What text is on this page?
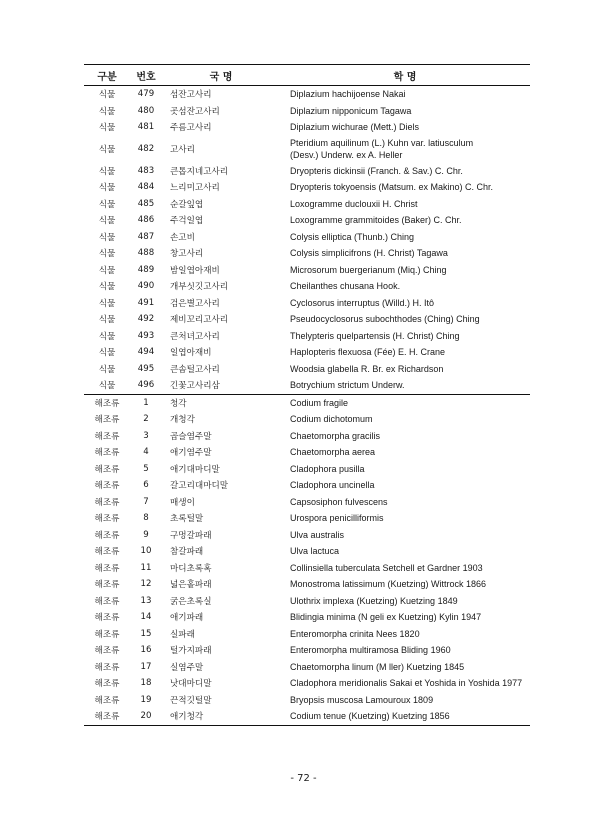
구분	번호	국 명	학 명
식물	479	섬잔고사리	Diplazium hachijoense Nakai
식물	480	곳섬잔고사리	Diplazium nipponicum Tagawa
식물	481	주름고사리	Diplazium wichurae (Mett.) Diels
식물	482	고사리	Pteridium aquilinum (L.) Kuhn var. latiusculum
(Desv.) Underw. ex A. Heller

식물	483	큰톱지네고사리	Dryopteris dickinsii (Franch. & Sav.) C. Chr.
식물	484	느리미고사리	Dryopteris tokyoensis (Matsum. ex Makino) C. Chr.
식물	485	순갈잎엽	Loxogramme duclouxii H. Christ
식물	486	주걱일엽	Loxogramme grammitoides (Baker) C. Chr.
식물	487	손고비	Colysis elliptica (Thunb.) Ching
식물	488	창고사리	Colysis simplicifrons (H. Christ) Tagawa
식물	489	밤일엽아재비	Microsorum buergerianum (Miq.) Ching
식물	490	개부싯깃고사리	Cheilanthes chusana Hook.
식물	491	검은별고사리	Cyclosorus interruptus (Willd.) H. Itô
식물	492	제비꼬리고사리	Pseudocyclosorus subochthodes (Ching) Ching
식물	493	큰처녀고사리	Thelypteris quelpartensis (H. Christ) Ching
식물	494	일엽아재비	Haplopteris flexuosa (Fée) E. H. Crane
식물	495	큰솜털고사리	Woodsia glabella R. Br. ex Richardson
식물	496	긴꽃고사리삼	Botrychium strictum Underw.
해조류	1	청각	Codium fragile
해조류	2	개청각	Codium dichotomum
해조류	3	곱슬염주말	Chaetomorpha gracilis
해조류	4	애기염주말	Chaetomorpha aerea
해조류	5	애기대마디말	Cladophora pusilla
해조류	6	갈고리대마디말	Cladophora uncinella
해조류	7	매생이	Capsosiphon fulvescens
해조류	8	초록털말	Urospora penicilliformis
해조류	9	구멍갈파래	Ulva australis
해조류	10	참갈파래	Ulva lactuca
해조류	11	마디초록혹	Collinsiella tuberculata Setchell et Gardner 1903
해조류	12	넓은홑파래	Monostroma latissimum (Kuetzing) Wittrock 1866
해조류	13	굵은초록실	Ulothrix implexa (Kuetzing) Kuetzing 1849
해조류	14	애기파래	Blidingia minima (N geli ex Kuetzing) Kylin 1947
해조류	15	실파래	Enteromorpha crinita Nees 1820
해조류	16	털가지파래	Enteromorpha multiramosa Bliding 1960
해조류	17	실염주말	Chaetomorpha linum (M ller) Kuetzing 1845
해조류	18	낫대마디말	Cladophora meridionalis Sakai et Yoshida in Yoshida 1977
해조류	19	끈적깃털말	Bryopsis muscosa Lamouroux 1809
해조류	20	애기청각	Codium tenue (Kuetzing) Kuetzing 1856
- 72 -
